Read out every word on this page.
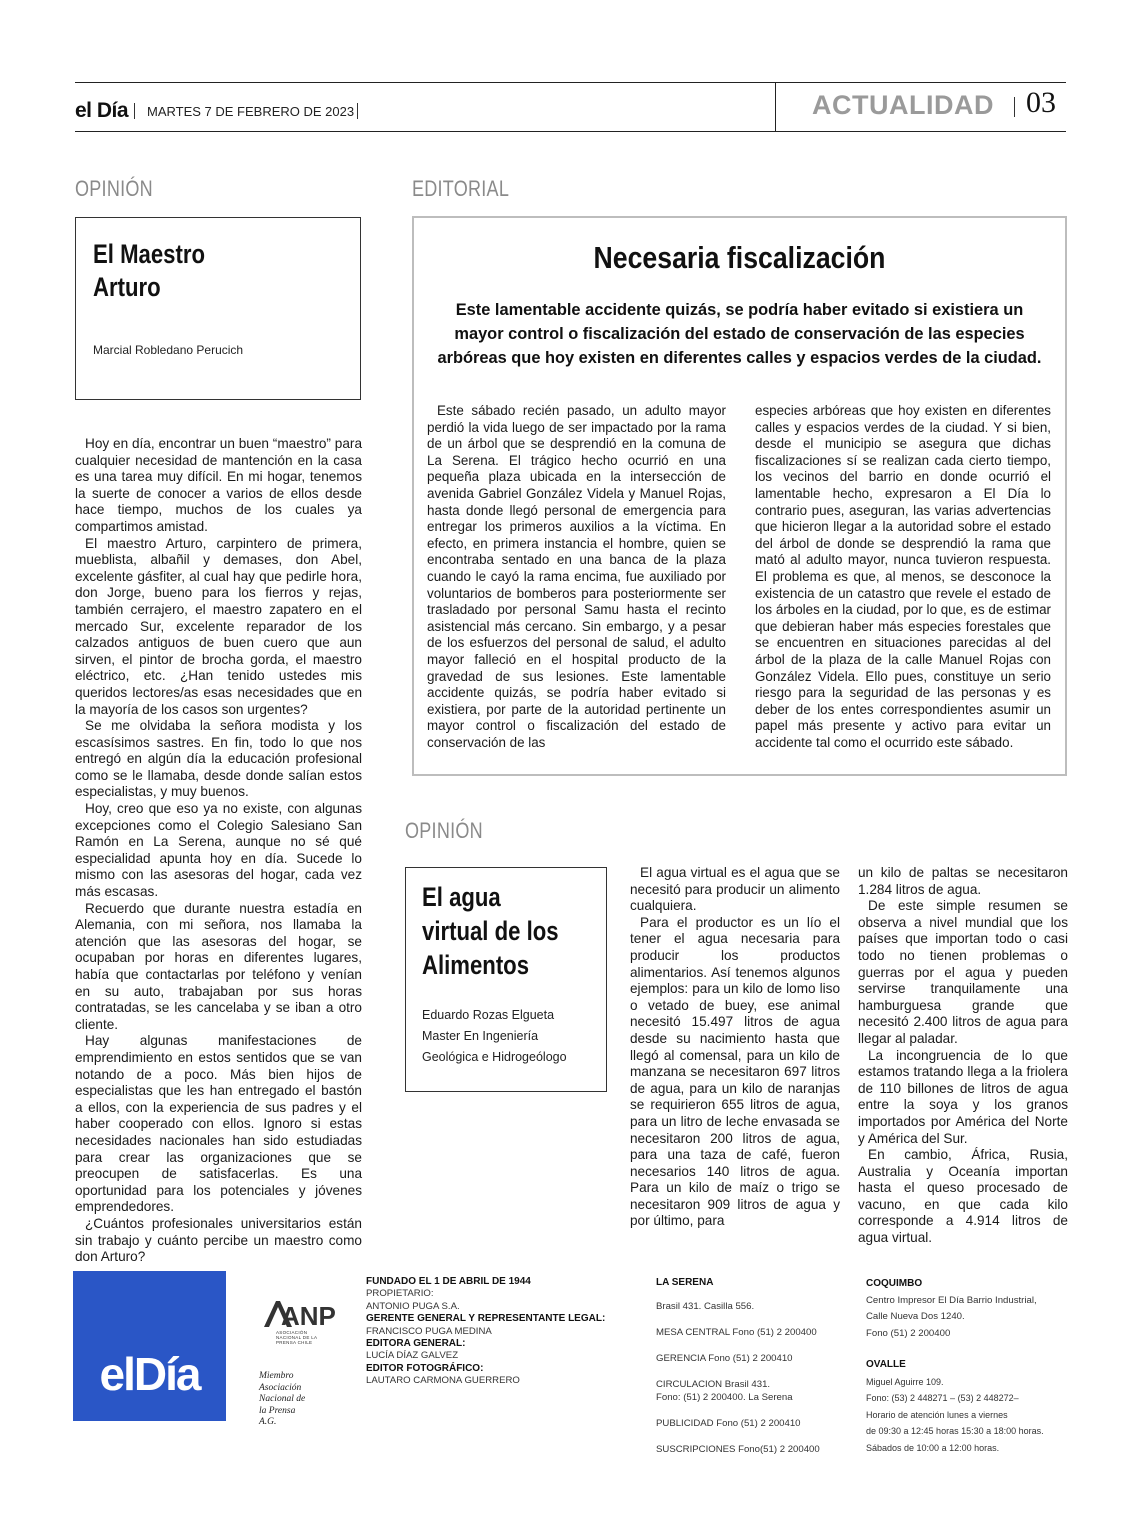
el Día MARTES 7 DE FEBRERO DE 2023	ACTUALIDAD 03
OPINIÓN
El Maestro
Arturo
Marcial Robledano Perucich

Hoy en día, encontrar un buen “maestro” para cualquier necesidad de mantención en la casa es una tarea muy difícil. En mi hogar, tenemos la suerte de conocer a varios de ellos desde hace tiempo, muchos de los cuales ya compartimos amistad.

El maestro Arturo, carpintero de primera, mueblista, albañil y demases, don Abel, excelente gásfiter, al cual hay que pedirle hora, don Jorge, bueno para los fierros y rejas, también cerrajero, el maestro zapatero en el mercado Sur, excelente reparador de los calzados antiguos de buen cuero que aun sirven, el pintor de brocha gorda, el maestro eléctrico, etc. ¿Han tenido ustedes mis queridos lectores/as esas necesidades que en la mayoría de los casos son urgentes?

Se me olvidaba la señora modista y los escasísimos sastres. En fin, todo lo que nos entregó en algún día la educación profesional como se le llamaba, desde donde salían estos especialistas, y muy buenos.

Hoy, creo que eso ya no existe, con algunas excepciones como el Colegio Salesiano San Ramón en La Serena, aunque no sé qué especialidad apunta hoy en día. Sucede lo mismo con las asesoras del hogar, cada vez más escasas.

Recuerdo que durante nuestra estadía en Alemania, con mi señora, nos llamaba la atención que las asesoras del hogar, se ocupaban por horas en diferentes lugares, había que contactarlas por teléfono y venían en su auto, trabajaban por sus horas contratadas, se les cancelaba y se iban a otro cliente.

Hay algunas manifestaciones de emprendimiento en estos sentidos que se van notando de a poco. Más bien hijos de especialistas que les han entregado el bastón a ellos, con la experiencia de sus padres y el haber cooperado con ellos. Ignoro si estas necesidades nacionales han sido estudiadas para crear las organizaciones que se preocupen de satisfacerlas. Es una oportunidad para los potenciales y jóvenes emprendedores.

¿Cuántos profesionales universitarios están sin trabajo y cuánto percibe un maestro como don Arturo?

EDITORIAL
Necesaria fiscalización
Este lamentable accidente quizás, se podría haber evitado si existiera un mayor control o fiscalización del estado de conservación de las especies arbóreas que hoy existen en diferentes calles y espacios verdes de la ciudad.

Este sábado recién pasado, un adulto mayor perdió la vida luego de ser impactado por la rama de un árbol que se desprendió en la comuna de La Serena. El trágico hecho ocurrió en una pequeña plaza ubicada en la intersección de avenida Gabriel González Videla y Manuel Rojas, hasta donde llegó personal de emergencia para entregar los primeros auxilios a la víctima. En efecto, en primera instancia el hombre, quien se encontraba sentado en una banca de la plaza cuando le cayó la rama encima, fue auxiliado por voluntarios de bomberos para posteriormente ser trasladado por personal Samu hasta el recinto asistencial más cercano. Sin embargo, y a pesar de los esfuerzos del personal de salud, el adulto mayor falleció en el hospital producto de la gravedad de sus lesiones. Este lamentable accidente quizás, se podría haber evitado si existiera, por parte de la autoridad pertinente un mayor control o fiscalización del estado de conservación de las

especies arbóreas que hoy existen en diferentes calles y espacios verdes de la ciudad. Y si bien, desde el municipio se asegura que dichas fiscalizaciones sí se realizan cada cierto tiempo, los vecinos del barrio en donde ocurrió el lamentable hecho, expresaron a El Día lo contrario pues, aseguran, las varias advertencias que hicieron llegar a la autoridad sobre el estado del árbol de donde se desprendió la rama que mató al adulto mayor, nunca tuvieron respuesta. El problema es que, al menos, se desconoce la existencia de un catastro que revele el estado de los árboles en la ciudad, por lo que, es de estimar que debieran haber más especies forestales que se encuentren en situaciones parecidas al del árbol de la plaza de la calle Manuel Rojas con González Videla. Ello pues, constituye un serio riesgo para la seguridad de las personas y es deber de los entes correspondientes asumir un papel más presente y activo para evitar un accidente tal como el ocurrido este sábado.

OPINIÓN
El agua
virtual de los
Alimentos
Eduardo Rozas Elgueta
Master En Ingeniería
Geológica e Hidrogeólogo

El agua virtual es el agua que se necesitó para producir un alimento cualquiera.

Para el productor es un lío el tener el agua necesaria para producir los productos alimentarios. Así tenemos algunos ejemplos: para un kilo de lomo liso o vetado de buey, ese animal necesitó 15.497 litros de agua desde su nacimiento hasta que llegó al comensal, para un kilo de manzana se necesitaron 697 litros de agua, para un kilo de naranjas se requirieron 655 litros de agua, para un litro de leche envasada se necesitaron 200 litros de agua, para una taza de café, fueron necesarios 140 litros de agua. Para un kilo de maíz o trigo se necesitaron 909 litros de agua y por último, para

un kilo de paltas se necesitaron 1.284 litros de agua.

De este simple resumen se observa a nivel mundial que los países que importan todo o casi todo no tienen problemas o guerras por el agua y pueden servirse tranquilamente una hamburguesa grande que necesitó 2.400 litros de agua para llegar al paladar.

La incongruencia de lo que estamos tratando llega a la friolera de 110 billones de litros de agua entre la soya y los granos importados por América del Norte y América del Sur.

En cambio, África, Rusia, Australia y Oceanía importan hasta el queso procesado de vacuno, en que cada kilo corresponde a 4.914 litros de agua virtual.

elDía
ANP
ASOCIACIÓN NACIONAL DE LA PRENSA CHILE
Miembro
Asociación
Nacional de
la Prensa
A.G.
FUNDADO EL 1 DE ABRIL DE 1944
PROPIETARIO:
ANTONIO PUGA S.A.
GERENTE GENERAL Y REPRESENTANTE LEGAL:
FRANCISCO PUGA MEDINA
EDITORA GENERAL:
LUCÍA DÍAZ GALVEZ
EDITOR FOTOGRÁFICO:
LAUTARO CARMONA GUERRERO
LA SERENA
Brasil 431. Casilla 556.
MESA CENTRAL Fono (51) 2 200400
GERENCIA Fono (51) 2 200410
CIRCULACION Brasil 431.
Fono: (51) 2 200400. La Serena
PUBLICIDAD Fono (51) 2 200410
SUSCRIPCIONES Fono(51) 2 200400
COQUIMBO
Centro Impresor El Día Barrio Industrial,
Calle Nueva Dos 1240.
Fono (51) 2 200400
OVALLE
Miguel Aguirre 109.
Fono: (53) 2 448271 – (53) 2 448272–
Horario de atención lunes a viernes
de 09:30 a 12:45 horas 15:30 a 18:00 horas.
Sábados de 10:00 a 12:00 horas.
